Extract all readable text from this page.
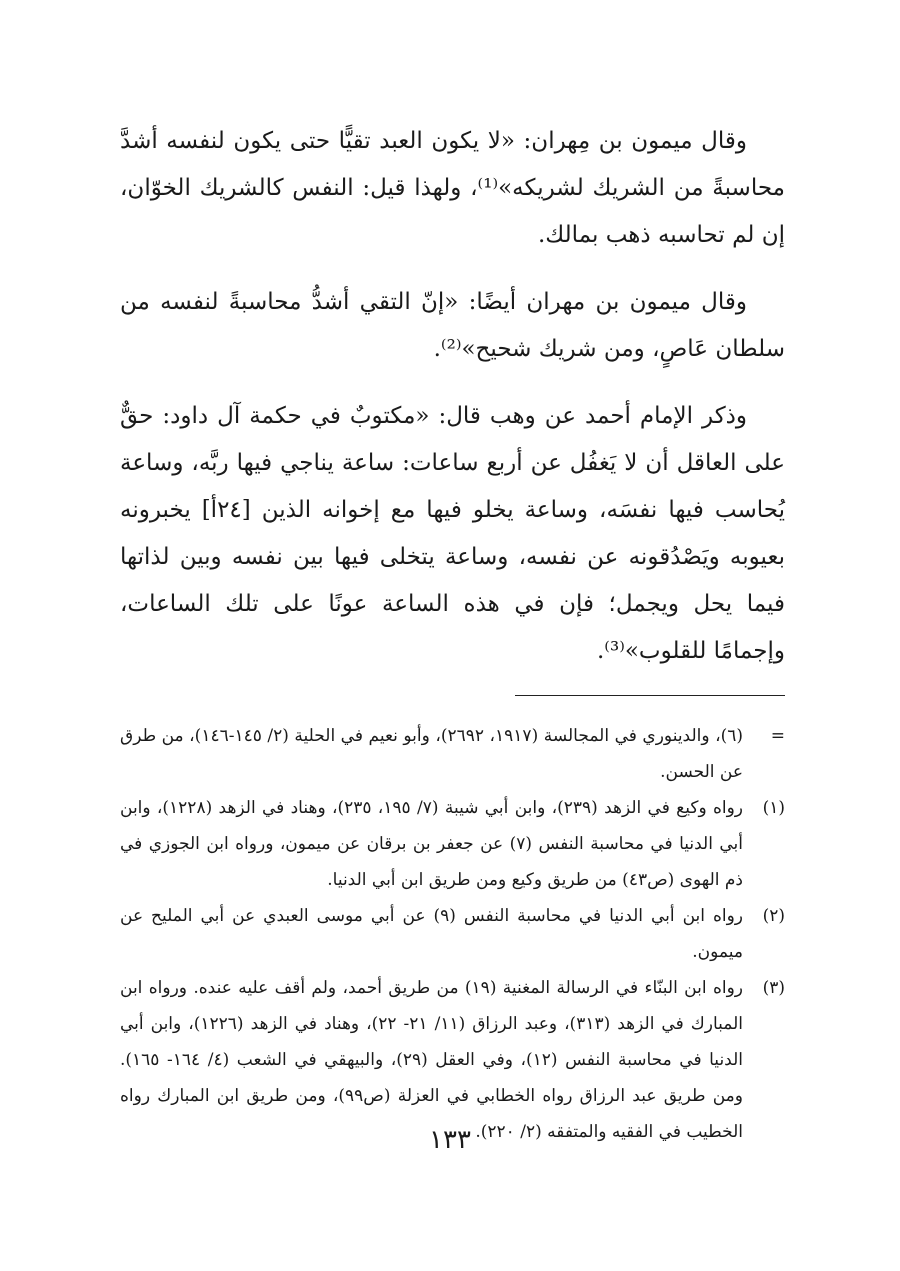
وقال ميمون بن مِهران: «لا يكون العبد تقيًّا حتى يكون لنفسه أشدَّ محاسبةً من الشريك لشريكه»⁽¹⁾، ولهذا قيل: النفس كالشريك الخوّان، إن لم تحاسبه ذهب بمالك.

وقال ميمون بن مهران أيضًا: «إنّ التقي أشدُّ محاسبةً لنفسه من سلطان عَاصٍ، ومن شريك شحيح»⁽²⁾.

وذكر الإمام أحمد عن وهب قال: «مكتوبٌ في حكمة آل داود: حقٌّ على العاقل أن لا يَغفُل عن أربع ساعات: ساعة يناجي فيها ربَّه، وساعة يُحاسب فيها نفسَه، وساعة يخلو فيها مع إخوانه الذين [٢٤أ] يخبرونه بعيوبه ويَصْدُقونه عن نفسه، وساعة يتخلى فيها بين نفسه وبين لذاتها فيما يحل ويجمل؛ فإن في هذه الساعة عونًا على تلك الساعات، وإجمامًا للقلوب»⁽³⁾.

=
(٦)، والدينوري في المجالسة (١٩١٧، ٢٦٩٢)، وأبو نعيم في الحلية (٢/ ١٤٥-١٤٦)، من طرق عن الحسن.
(١)
رواه وكيع في الزهد (٢٣٩)، وابن أبي شيبة (٧/ ١٩٥، ٢٣٥)، وهناد في الزهد (١٢٢٨)، وابن أبي الدنيا في محاسبة النفس (٧) عن جعفر بن برقان عن ميمون، ورواه ابن الجوزي في ذم الهوى (ص٤٣) من طريق وكيع ومن طريق ابن أبي الدنيا.
(٢)
رواه ابن أبي الدنيا في محاسبة النفس (٩) عن أبي موسى العبدي عن أبي المليح عن ميمون.
(٣)
رواه ابن البنّاء في الرسالة المغنية (١٩) من طريق أحمد، ولم أقف عليه عنده. ورواه ابن المبارك في الزهد (٣١٣)، وعبد الرزاق (١١/ ٢١- ٢٢)، وهناد في الزهد (١٢٢٦)، وابن أبي الدنيا في محاسبة النفس (١٢)، وفي العقل (٢٩)، والبيهقي في الشعب (٤/ ١٦٤- ١٦٥). ومن طريق عبد الرزاق رواه الخطابي في العزلة (ص٩٩)، ومن طريق ابن المبارك رواه الخطيب في الفقيه والمتفقه (٢/ ٢٢٠).
١٣٣
